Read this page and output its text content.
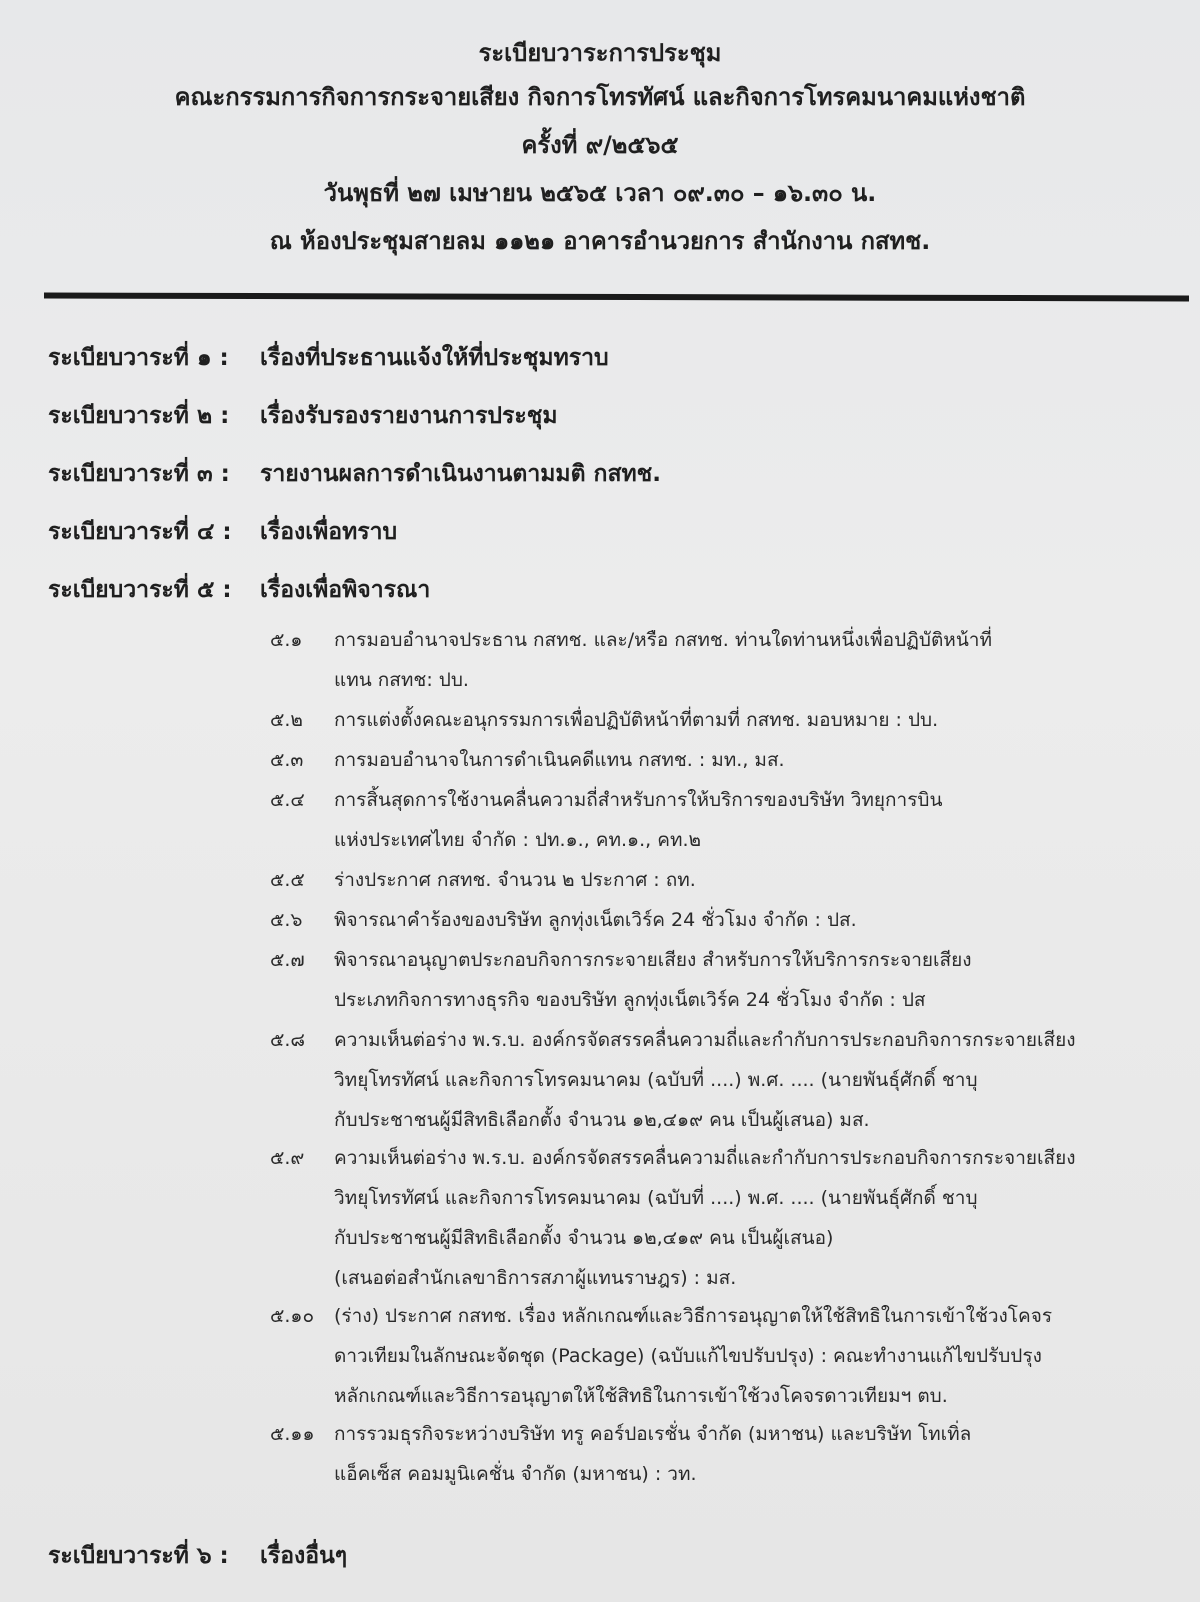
ระเบียบวาระการประชุม
คณะกรรมการกิจการกระจายเสียง กิจการโทรทัศน์ และกิจการโทรคมนาคมแห่งชาติ
ครั้งที่ ๙/๒๕๖๕
วันพุธที่ ๒๗ เมษายน ๒๕๖๕ เวลา ๐๙.๓๐ – ๑๖.๓๐ น.
ณ ห้องประชุมสายลม ๑๑๒๑ อาคารอำนวยการ สำนักงาน กสทช.
ระเบียบวาระที่ ๑ : เรื่องที่ประธานแจ้งให้ที่ประชุมทราบ
ระเบียบวาระที่ ๒ : เรื่องรับรองรายงานการประชุม
ระเบียบวาระที่ ๓ : รายงานผลการดำเนินงานตามมติ กสทช.
ระเบียบวาระที่ ๔ : เรื่องเพื่อทราบ
ระเบียบวาระที่ ๕ : เรื่องเพื่อพิจารณา
๕.๑ การมอบอำนาจประธาน กสทช. และ/หรือ กสทช. ท่านใดท่านหนึ่งเพื่อปฏิบัติหน้าที่

แทน กสทช: ปบ.
๕.๒ การแต่งตั้งคณะอนุกรรมการเพื่อปฏิบัติหน้าที่ตามที่ กสทช. มอบหมาย : ปบ.
๕.๓ การมอบอำนาจในการดำเนินคดีแทน กสทช. : มท., มส.
๕.๔ การสิ้นสุดการใช้งานคลื่นความถี่สำหรับการให้บริการของบริษัท วิทยุการบิน

แห่งประเทศไทย จำกัด : ปท.๑., คท.๑., คท.๒
๕.๕ ร่างประกาศ กสทช. จำนวน ๒ ประกาศ : ถท.
๕.๖ พิจารณาคำร้องของบริษัท ลูกทุ่งเน็ตเวิร์ค 24 ชั่วโมง จำกัด : ปส.
๕.๗ พิจารณาอนุญาตประกอบกิจการกระจายเสียง สำหรับการให้บริการกระจายเสียง

ประเภทกิจการทางธุรกิจ ของบริษัท ลูกทุ่งเน็ตเวิร์ค 24 ชั่วโมง จำกัด : ปส
๕.๘ ความเห็นต่อร่าง พ.ร.บ. องค์กรจัดสรรคลื่นความถี่และกำกับการประกอบกิจการกระจายเสียง

วิทยุโทรทัศน์ และกิจการโทรคมนาคม (ฉบับที่ ....) พ.ศ. .... (นายพันธุ์ศักดิ์ ชาบุ

กับประชาชนผู้มีสิทธิเลือกตั้ง จำนวน ๑๒,๔๑๙ คน เป็นผู้เสนอ) มส.
๕.๙ ความเห็นต่อร่าง พ.ร.บ. องค์กรจัดสรรคลื่นความถี่และกำกับการประกอบกิจการกระจายเสียง

วิทยุโทรทัศน์ และกิจการโทรคมนาคม (ฉบับที่ ....) พ.ศ. .... (นายพันธุ์ศักดิ์ ชาบุ

กับประชาชนผู้มีสิทธิเลือกตั้ง จำนวน ๑๒,๔๑๙ คน เป็นผู้เสนอ)

(เสนอต่อสำนักเลขาธิการสภาผู้แทนราษฎร) : มส.
๕.๑๐ (ร่าง) ประกาศ กสทช. เรื่อง หลักเกณฑ์และวิธีการอนุญาตให้ใช้สิทธิในการเข้าใช้วงโคจร

ดาวเทียมในลักษณะจัดชุด (Package) (ฉบับแก้ไขปรับปรุง) : คณะทำงานแก้ไขปรับปรุง

หลักเกณฑ์และวิธีการอนุญาตให้ใช้สิทธิในการเข้าใช้วงโคจรดาวเทียมฯ ตบ.
๕.๑๑ การรวมธุรกิจระหว่างบริษัท ทรู คอร์ปอเรชั่น จำกัด (มหาชน) และบริษัท โทเทิ่ล

แอ็คเซ็ส คอมมูนิเคชั่น จำกัด (มหาชน) : วท.
ระเบียบวาระที่ ๖ : เรื่องอื่นๆ
